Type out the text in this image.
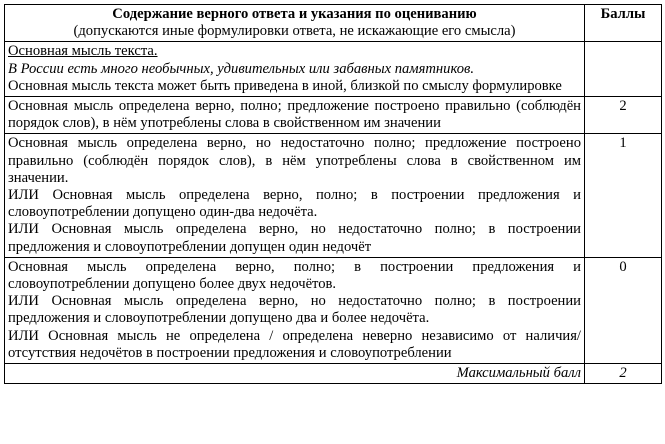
Содержание верного ответа и указания по оцениванию
(допускаются иные формулировки ответа, не искажающие его смысла)	Баллы

Основная мысль текста.
В России есть много необычных, удивительных или забавных памятников.
Основная мысль текста может быть приведена в иной, близкой по смыслу формулировке	

Основная мысль определена верно, полно; предложение построено правильно (соблюдён порядок слов), в нём употреблены слова в свойственном им значении	2

Основная мысль определена верно, но недостаточно полно; предложение построено правильно (соблюдён порядок слов), в нём употреблены слова в свойственном им значении.
ИЛИ Основная мысль определена верно, полно; в построении предложения и словоупотреблении допущено один-два недочёта.
ИЛИ Основная мысль определена верно, но недостаточно полно; в построении предложения и словоупотреблении допущен один недочёт	1

Основная мысль определена верно, полно; в построении предложения и словоупотреблении допущено более двух недочётов.
ИЛИ Основная мысль определена верно, но недостаточно полно; в построении предложения и словоупотреблении допущено два и более недочёта.
ИЛИ Основная мысль не определена / определена неверно независимо от наличия/ отсутствия недочётов в построении предложения и словоупотреблении	0
Максимальный балл	2
